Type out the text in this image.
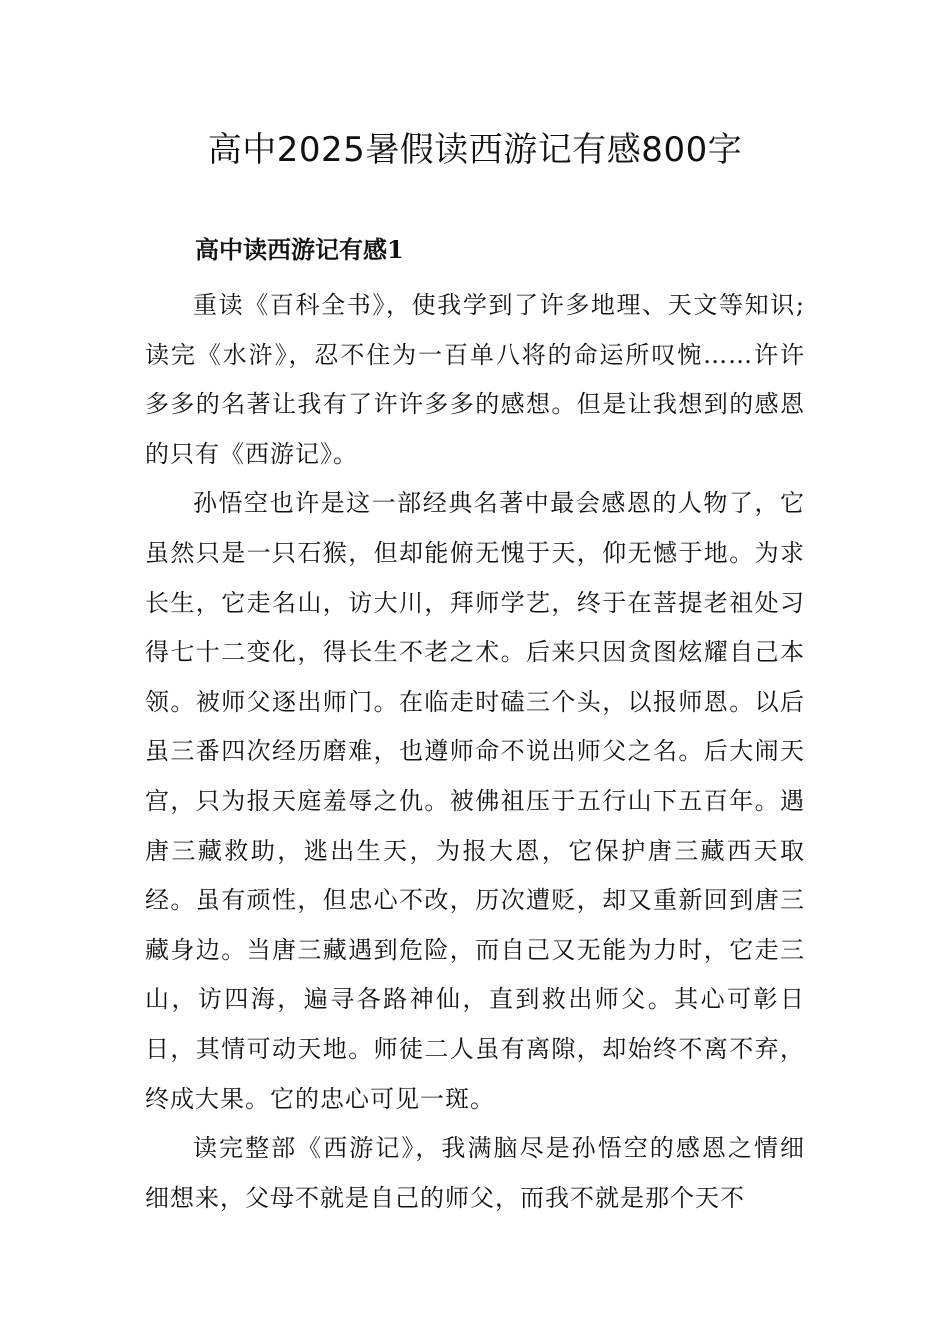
高中2025暑假读西游记有感800字
高中读西游记有感1

重读《百科全书》，使我学到了许多地理、天文等知识;读完《水浒》，忍不住为一百单八将的命运所叹惋……许许多多的名著让我有了许许多多的感想。但是让我想到的感恩的只有《西游记》。

孙悟空也许是这一部经典名著中最会感恩的人物了，它虽然只是一只石猴，但却能俯无愧于天，仰无憾于地。为求长生，它走名山，访大川，拜师学艺，终于在菩提老祖处习得七十二变化，得长生不老之术。后来只因贪图炫耀自己本领。被师父逐出师门。在临走时磕三个头，以报师恩。以后虽三番四次经历磨难，也遵师命不说出师父之名。后大闹天宫，只为报天庭羞辱之仇。被佛祖压于五行山下五百年。遇唐三藏救助，逃出生天，为报大恩，它保护唐三藏西天取经。虽有顽性，但忠心不改，历次遭贬，却又重新回到唐三藏身边。当唐三藏遇到危险，而自己又无能为力时，它走三山，访四海，遍寻各路神仙，直到救出师父。其心可彰日日，其情可动天地。师徒二人虽有离隙，却始终不离不弃，终成大果。它的忠心可见一斑。

读完整部《西游记》，我满脑尽是孙悟空的感恩之情细细想来，父母不就是自己的师父，而我不就是那个天不
